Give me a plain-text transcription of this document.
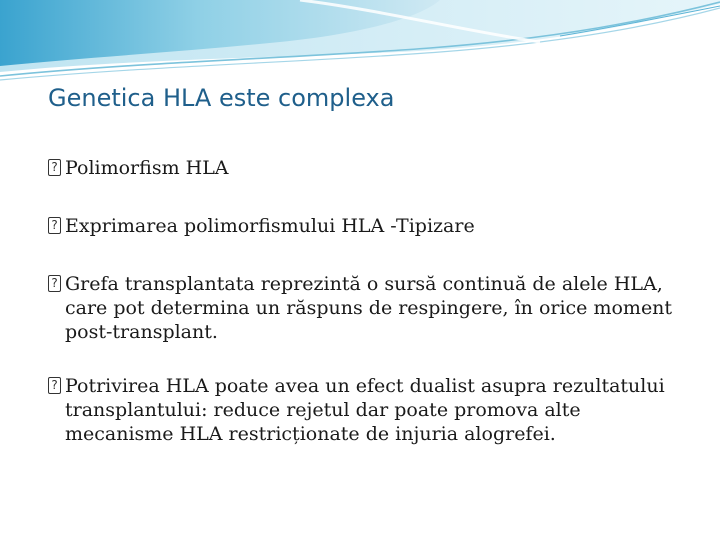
Genetica HLA este complexa
? Polimorfism HLA
? Exprimarea polimorfismului HLA -Tipizare
? Grefa transplantata reprezintă o sursă continuă de alele HLA, care pot determina un răspuns de respingere, în orice moment post-transplant.
? Potrivirea HLA poate avea un efect dualist asupra rezultatului transplantului: reduce rejetul dar poate promova alte mecanisme HLA restricționate de injuria alogrefei.
